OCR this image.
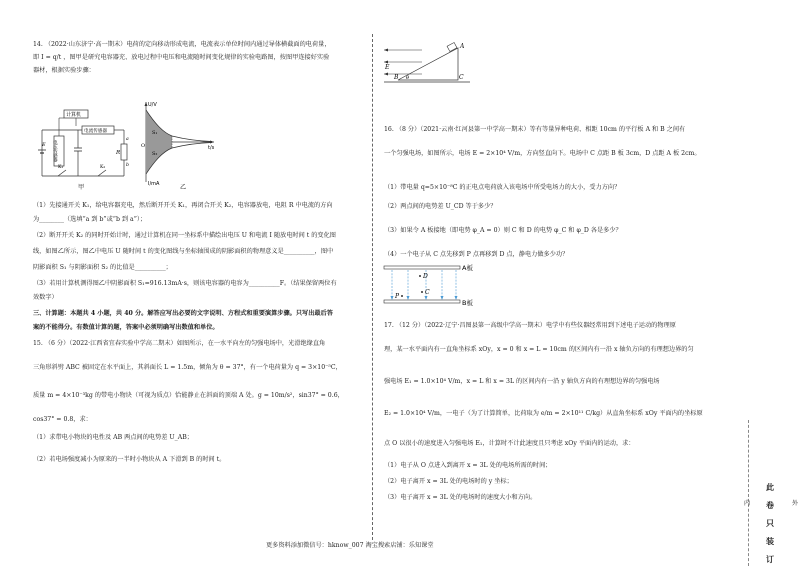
14. （2022·山东济宁·高一期末）电荷的定向移动形成电流，电流表示单位时间内通过导体横截面的电荷量，
即 I = q/t ，图甲是研究电容器充、放电过程中电压和电流随时间变化规律的实验电路图，按图甲连接好实验
器材，根据实验步骤：
计算机
电流传感器
电压传感器	R
E
K₁	K₂
a
b
甲
U/V
I/mA
t/s
S₁
S₂
O
乙
（1）先接通开关 K₁，给电容器充电，然后断开开关 K₁，再闭合开关 K₂，电容器放电，电阻 R 中电流的方向
为________（选填“a 到 b”或“b 到 a”）；
（2）断开开关 K₂ 的同时开始计时，通过计算机在同一坐标系中描绘出电压 U 和电流 I 随放电时间 t 的变化图
线，如图乙所示，图乙中电压 U 随时间 t 的变化图线与坐标轴围成的阴影面积的物理意义是__________，图中
阴影面积 S₁ 与阴影面积 S₂ 的比值是__________；
（3）若用计算机测得图乙中阴影面积 S₁=916.13mA·s，则该电容器的电容为__________F。（结果保留两位有
效数字）
三、计算题：本题共 4 小题，共 40 分。解答应写出必要的文字说明、方程式和重要演算步骤。只写出最后答
案的不能得分。有数值计算的题，答案中必须明确写出数值和单位。
15. （6 分）（2022·江西省宜春实验中学高二期末）如图所示，在一水平向左的匀强电场中，光滑绝缘直角
三角形斜劈 ABC 被固定在水平面上，其斜面长 L = 1.5m，倾角为 θ = 37°，有一个电荷量为 q = 3×10⁻⁵C，
质量 m = 4×10⁻³kg 的带电小物块（可视为质点）恰能静止在斜面的顶端 A 处。g = 10m/s²，sin37° = 0.6，
cos37° = 0.8，求：
（1）求带电小物块的电性及 AB 两点间的电势差 U_AB；
（2）若电场强度减小为原来的一半时小物块从 A 下滑到 B 的时间 t。
A
B	C
E
θ
16. （8 分）（2021·云南·红河县第一中学高一期末）等有等量异种电荷、相距 10cm 的平行板 A 和 B 之间有
一个匀强电场，如图所示，电场 E = 2×10⁴ V/m，方向竖直向下。电场中 C 点距 B 板 3cm，D 点距 A 板 2cm。
（1）带电量 q=5×10⁻⁸C 的正电点电荷放入该电场中所受电场力的大小，受力方向？
（2）两点间的电势差 U_CD 等于多少？
（3）如果令 A 板接地（即电势 φ_A = 0）则 C 和 D 的电势 φ_C 和 φ_D 各是多少？
（4）一个电子从 C 点先移到 P 点再移到 D 点，静电力做多少功？
D
C
P
A板
B板
17. （12 分）（2022·辽宁·昌图县第一高级中学高一期末）电学中有些仪器经常用到下述电子运动的物理原
理，某一水平面内有一直角坐标系 xOy，x = 0 和 x = L = 10cm 的区间内有一沿 x 轴负方向的有理想边界的匀
强电场 E₁ = 1.0×10⁴ V/m，x = L 和 x = 3L 的区间内有一沿 y 轴负方向的有理想边界的匀强电场
E₂ = 1.0×10⁴ V/m，一电子（为了计算简单，比荷取为 e/m = 2×10¹¹ C/kg）从直角坐标系 xOy 平面内的坐标原
点 O 以很小的速度进入匀强电场 E₁，计算时不计此速度且只考虑 xOy 平面内的运动，求：
（1）电子从 O 点进入到离开 x = 3L 处的电场所需的时间；
（2）电子离开 x = 3L 处的电场时的 y 坐标；
（3）电子离开 x = 3L 处的电场时的速度大小和方向。
内	外
此
卷
只
装
订
更多资料添加微信号：hknow_007 淘宝搜索店铺：乐知课堂
